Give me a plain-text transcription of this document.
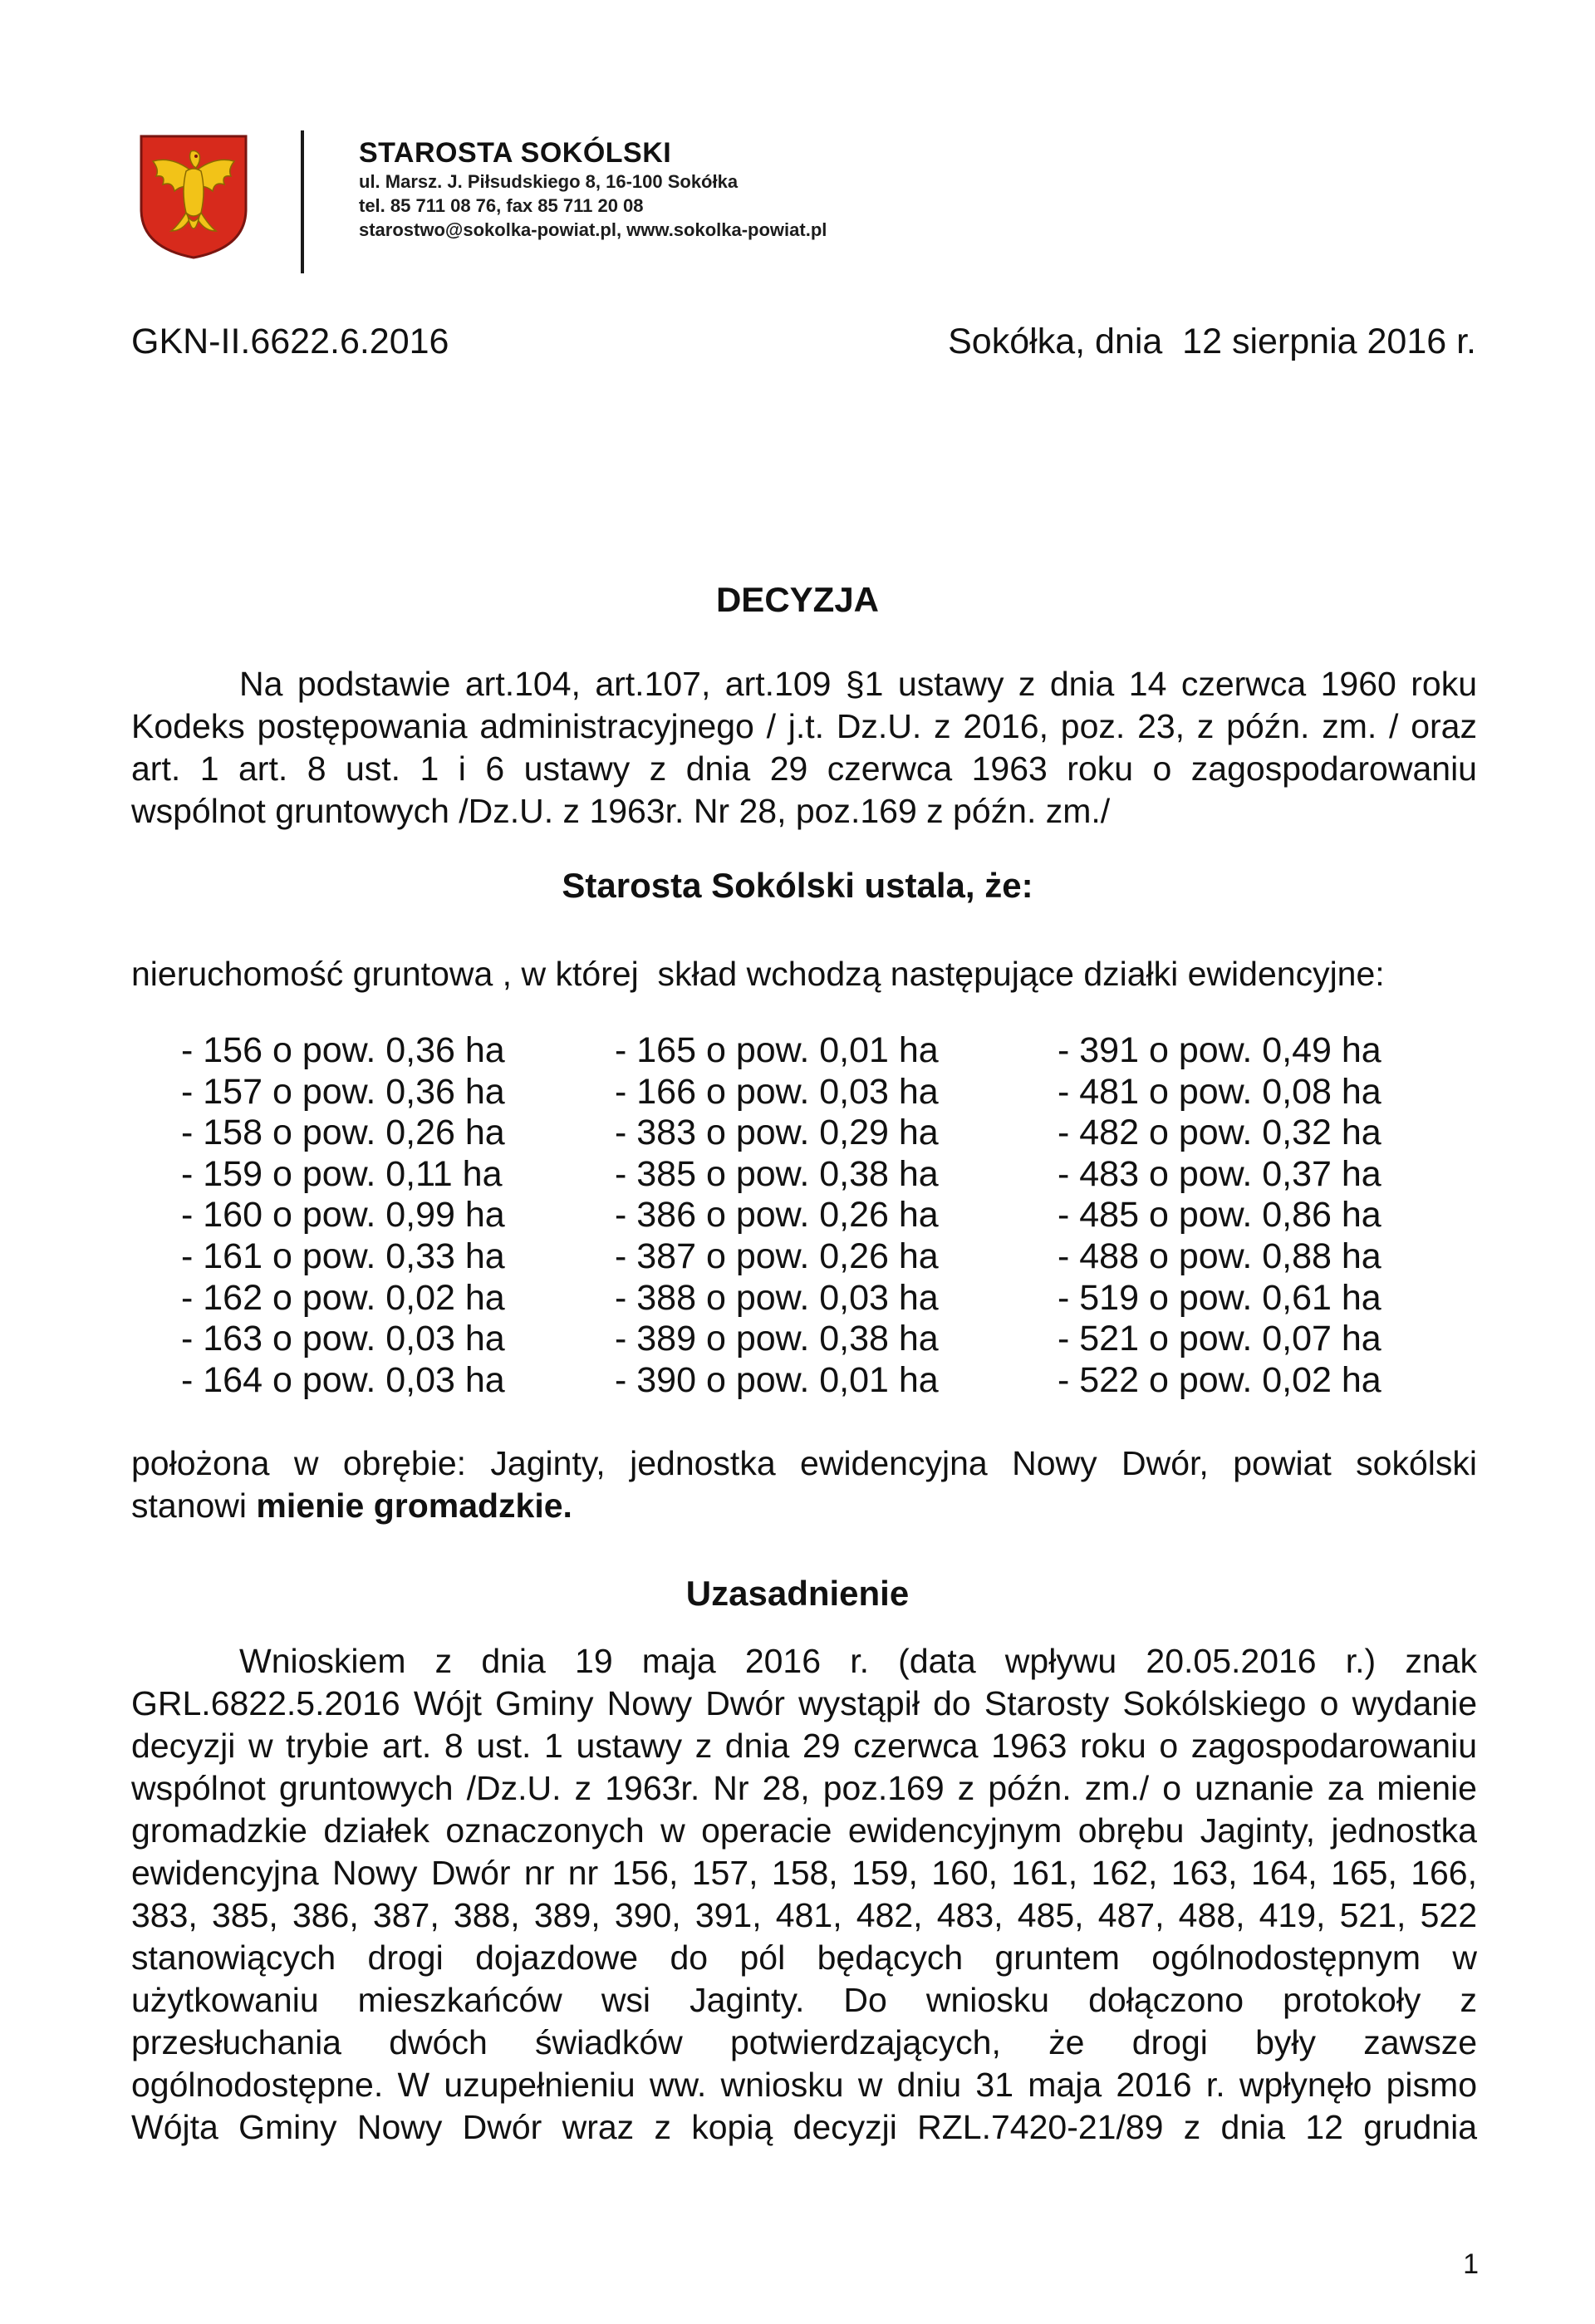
STAROSTA SOKÓLSKI
ul. Marsz. J. Piłsudskiego 8, 16-100 Sokółka
tel. 85 711 08 76, fax 85 711 20 08
starostwo@sokolka-powiat.pl, www.sokolka-powiat.pl
GKN-II.6622.6.2016	Sokółka, dnia  12 sierpnia 2016 r.
DECYZJA
Na podstawie art.104, art.107, art.109 §1 ustawy z dnia 14 czerwca 1960 roku
Kodeks postępowania administracyjnego / j.t. Dz.U. z 2016, poz. 23, z późn. zm. / oraz
art. 1 art. 8 ust. 1 i 6 ustawy z dnia 29 czerwca 1963 roku o zagospodarowaniu
wspólnot gruntowych /Dz.U. z 1963r. Nr 28, poz.169 z późn. zm./
Starosta Sokólski ustala, że:
nieruchomość gruntowa , w której  skład wchodzą następujące działki ewidencyjne:
- 156 o pow. 0,36 ha
- 157 o pow. 0,36 ha
- 158 o pow. 0,26 ha
- 159 o pow. 0,11 ha
- 160 o pow. 0,99 ha
- 161 o pow. 0,33 ha
- 162 o pow. 0,02 ha
- 163 o pow. 0,03 ha
- 164 o pow. 0,03 ha
- 165 o pow. 0,01 ha
- 166 o pow. 0,03 ha
- 383 o pow. 0,29 ha
- 385 o pow. 0,38 ha
- 386 o pow. 0,26 ha
- 387 o pow. 0,26 ha
- 388 o pow. 0,03 ha
- 389 o pow. 0,38 ha
- 390 o pow. 0,01 ha
- 391 o pow. 0,49 ha
- 481 o pow. 0,08 ha
- 482 o pow. 0,32 ha
- 483 o pow. 0,37 ha
- 485 o pow. 0,86 ha
- 488 o pow. 0,88 ha
- 519 o pow. 0,61 ha
- 521 o pow. 0,07 ha
- 522 o pow. 0,02 ha
położona w obrębie: Jaginty, jednostka ewidencyjna Nowy Dwór, powiat sokólski
stanowi mienie gromadzkie.
Uzasadnienie
Wnioskiem z dnia 19 maja 2016 r. (data wpływu 20.05.2016 r.) znak
GRL.6822.5.2016 Wójt Gminy Nowy Dwór wystąpił do Starosty Sokólskiego o wydanie
decyzji w trybie art. 8 ust. 1 ustawy z dnia 29 czerwca 1963 roku o zagospodarowaniu
wspólnot gruntowych /Dz.U. z 1963r. Nr 28, poz.169 z późn. zm./ o uznanie za mienie
gromadzkie działek oznaczonych w operacie ewidencyjnym obrębu Jaginty, jednostka
ewidencyjna Nowy Dwór nr nr 156, 157, 158, 159, 160, 161, 162, 163, 164, 165, 166,
383, 385, 386, 387, 388, 389, 390, 391, 481, 482, 483, 485, 487, 488, 419, 521, 522
stanowiących drogi dojazdowe do pól będących gruntem ogólnodostępnym w
użytkowaniu mieszkańców wsi Jaginty. Do wniosku dołączono protokoły z
przesłuchania dwóch świadków potwierdzających, że drogi były zawsze
ogólnodostępne. W uzupełnieniu ww. wniosku w dniu 31 maja 2016 r. wpłynęło pismo
Wójta Gminy Nowy Dwór wraz z kopią decyzji RZL.7420-21/89 z dnia 12 grudnia
1
